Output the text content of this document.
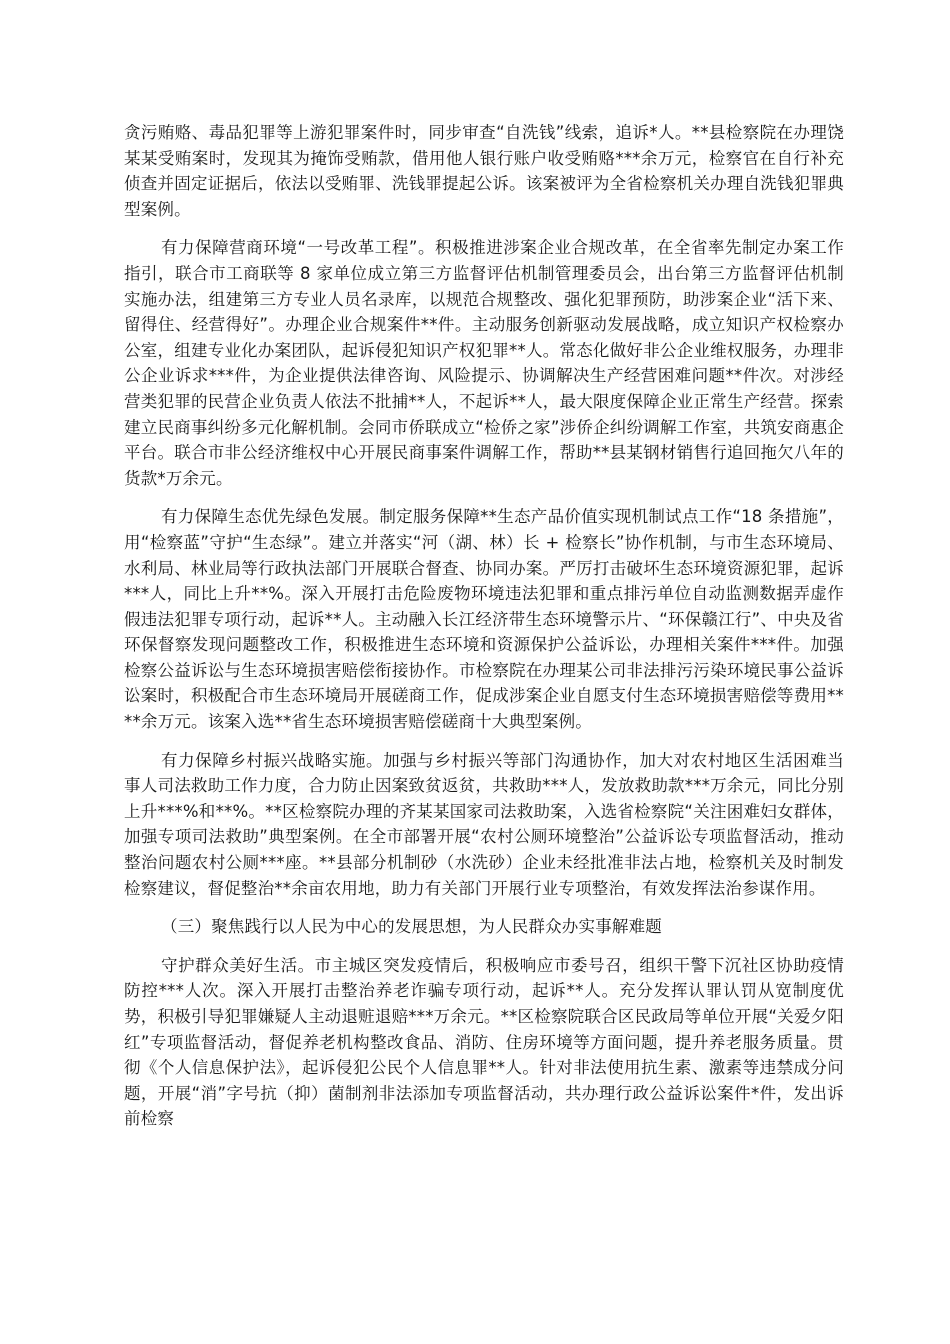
贪污贿赂、毒品犯罪等上游犯罪案件时，同步审查“自洗钱”线索，追诉*人。**县检察院在办理饶某某受贿案时，发现其为掩饰受贿款，借用他人银行账户收受贿赂***余万元，检察官在自行补充侦查并固定证据后，依法以受贿罪、洗钱罪提起公诉。该案被评为全省检察机关办理自洗钱犯罪典型案例。

有力保障营商环境“一号改革工程”。积极推进涉案企业合规改革，在全省率先制定办案工作指引，联合市工商联等 8 家单位成立第三方监督评估机制管理委员会，出台第三方监督评估机制实施办法，组建第三方专业人员名录库，以规范合规整改、强化犯罪预防，助涉案企业“活下来、留得住、经营得好”。办理企业合规案件**件。主动服务创新驱动发展战略，成立知识产权检察办公室，组建专业化办案团队，起诉侵犯知识产权犯罪**人。常态化做好非公企业维权服务，办理非公企业诉求***件，为企业提供法律咨询、风险提示、协调解决生产经营困难问题**件次。对涉经营类犯罪的民营企业负责人依法不批捕**人，不起诉**人，最大限度保障企业正常生产经营。探索建立民商事纠纷多元化解机制。会同市侨联成立“检侨之家”涉侨企纠纷调解工作室，共筑安商惠企平台。联合市非公经济维权中心开展民商事案件调解工作，帮助**县某钢材销售行追回拖欠八年的货款*万余元。

有力保障生态优先绿色发展。制定服务保障**生态产品价值实现机制试点工作“18 条措施”，用“检察蓝”守护“生态绿”。建立并落实“河（湖、林）长 + 检察长”协作机制，与市生态环境局、水利局、林业局等行政执法部门开展联合督查、协同办案。严厉打击破坏生态环境资源犯罪，起诉***人，同比上升**%。深入开展打击危险废物环境违法犯罪和重点排污单位自动监测数据弄虚作假违法犯罪专项行动，起诉**人。主动融入长江经济带生态环境警示片、“环保赣江行”、中央及省环保督察发现问题整改工作，积极推进生态环境和资源保护公益诉讼，办理相关案件***件。加强检察公益诉讼与生态环境损害赔偿衔接协作。市检察院在办理某公司非法排污污染环境民事公益诉讼案时，积极配合市生态环境局开展磋商工作，促成涉案企业自愿支付生态环境损害赔偿等费用****余万元。该案入选**省生态环境损害赔偿磋商十大典型案例。

有力保障乡村振兴战略实施。加强与乡村振兴等部门沟通协作，加大对农村地区生活困难当事人司法救助工作力度，合力防止因案致贫返贫，共救助***人，发放救助款***万余元，同比分别上升***%和**%。**区检察院办理的齐某某国家司法救助案，入选省检察院“关注困难妇女群体，加强专项司法救助”典型案例。在全市部署开展“农村公厕环境整治”公益诉讼专项监督活动，推动整治问题农村公厕***座。**县部分机制砂（水洗砂）企业未经批准非法占地，检察机关及时制发检察建议，督促整治**余亩农用地，助力有关部门开展行业专项整治，有效发挥法治参谋作用。

（三）聚焦践行以人民为中心的发展思想，为人民群众办实事解难题

守护群众美好生活。市主城区突发疫情后，积极响应市委号召，组织干警下沉社区协助疫情防控***人次。深入开展打击整治养老诈骗专项行动，起诉**人。充分发挥认罪认罚从宽制度优势，积极引导犯罪嫌疑人主动退赃退赔***万余元。**区检察院联合区民政局等单位开展“关爱夕阳红”专项监督活动，督促养老机构整改食品、消防、住房环境等方面问题，提升养老服务质量。贯彻《个人信息保护法》，起诉侵犯公民个人信息罪**人。针对非法使用抗生素、激素等违禁成分问题，开展“消”字号抗（抑）菌制剂非法添加专项监督活动，共办理行政公益诉讼案件*件，发出诉前检察
